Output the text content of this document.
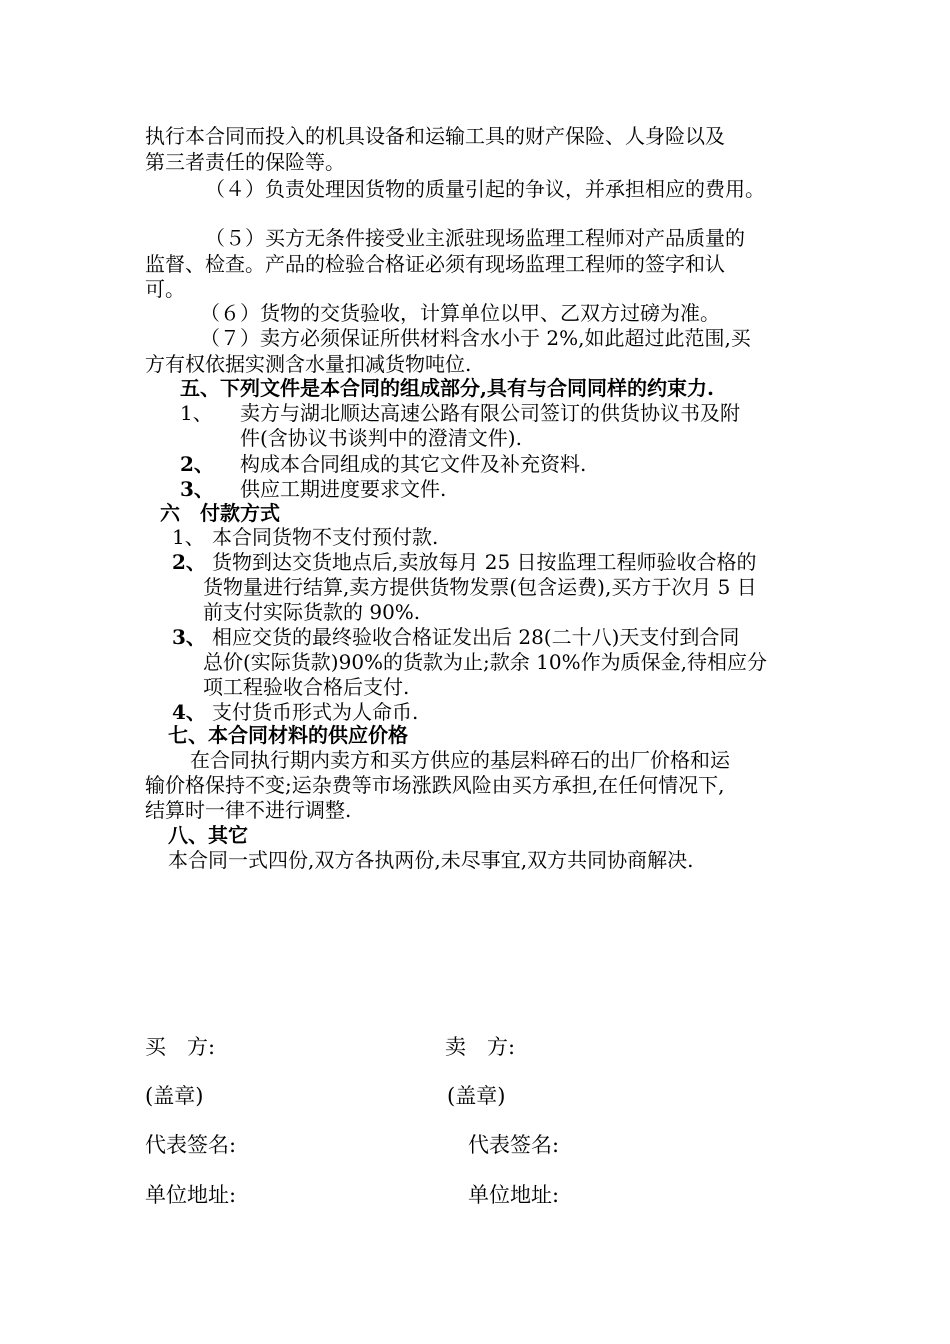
执行本合同而投入的机具设备和运输工具的财产保险、人身险以及
第三者责任的保险等。
（４）负责处理因货物的质量引起的争议，并承担相应的费用。
（５）买方无条件接受业主派驻现场监理工程师对产品质量的
监督、检查。产品的检验合格证必须有现场监理工程师的签字和认
可。
（６）货物的交货验收，计算单位以甲、乙双方过磅为准。
（７）卖方必须保证所供材料含水小于 2%,如此超过此范围,买
方有权依据实测含水量扣减货物吨位.
五、下列文件是本合同的组成部分,具有与合同同样的约束力.
1、 卖方与湖北顺达高速公路有限公司签订的供货协议书及附
件(含协议书谈判中的澄清文件).
2、 构成本合同组成的其它文件及补充资料.
3、 供应工期进度要求文件.
六　付款方式
1、 本合同货物不支付预付款.
2、 货物到达交货地点后,卖放每月 25 日按监理工程师验收合格的
货物量进行结算,卖方提供货物发票(包含运费),买方于次月 5 日
前支付实际货款的 90%.
3、 相应交货的最终验收合格证发出后 28(二十八)天支付到合同
总价(实际货款)90%的货款为止;款余 10%作为质保金,待相应分
项工程验收合格后支付.
4、 支付货币形式为人命币.
七、本合同材料的供应价格
在合同执行期内卖方和买方供应的基层料碎石的出厂价格和运
输价格保持不变;运杂费等市场涨跌风险由买方承担,在任何情况下,
结算时一律不进行调整.
八、其它
本合同一式四份,双方各执两份,未尽事宜,双方共同协商解决.
买　方:	卖　方:
(盖章)	(盖章)
代表签名:	代表签名:
单位地址:	单位地址:
